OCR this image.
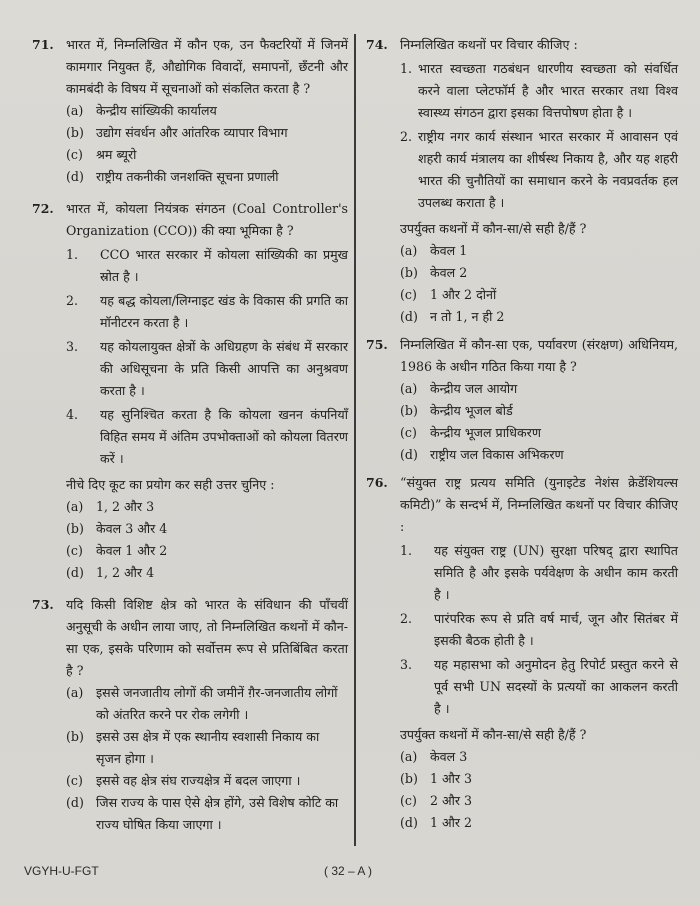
71. भारत में, निम्नलिखित में कौन एक, उन फैक्टरियों में जिनमें कामगार नियुक्त हैं, औद्योगिक विवादों, समापनों, छँटनी और कामबंदी के विषय में सूचनाओं को संकलित करता है ?
(a) केन्द्रीय सांख्यिकी कार्यालय
(b) उद्योग संवर्धन और आंतरिक व्यापार विभाग
(c) श्रम ब्यूरो
(d) राष्ट्रीय तकनीकी जनशक्ति सूचना प्रणाली
72. भारत में, कोयला नियंत्रक संगठन (Coal Controller's Organization (CCO)) की क्या भूमिका है ?
1. CCO भारत सरकार में कोयला सांख्यिकी का प्रमुख स्रोत है ।
2. यह बद्ध कोयला/लिग्नाइट खंड के विकास की प्रगति का मॉनीटरन करता है ।
3. यह कोयलायुक्त क्षेत्रों के अधिग्रहण के संबंध में सरकार की अधिसूचना के प्रति किसी आपत्ति का अनुश्रवण करता है ।
4. यह सुनिश्चित करता है कि कोयला खनन कंपनियाँ विहित समय में अंतिम उपभोक्ताओं को कोयला वितरण करें ।
नीचे दिए कूट का प्रयोग कर सही उत्तर चुनिए :
(a) 1, 2 और 3
(b) केवल 3 और 4
(c) केवल 1 और 2
(d) 1, 2 और 4
73. यदि किसी विशिष्ट क्षेत्र को भारत के संविधान की पाँचवीं अनुसूची के अधीन लाया जाए, तो निम्नलिखित कथनों में कौन-सा एक, इसके परिणाम को सर्वोत्तम रूप से प्रतिबिंबित करता है ?
(a) इससे जनजातीय लोगों की जमीनें ग़ैर-जनजातीय लोगों को अंतरित करने पर रोक लगेगी ।
(b) इससे उस क्षेत्र में एक स्थानीय स्वशासी निकाय का सृजन होगा ।
(c) इससे वह क्षेत्र संघ राज्यक्षेत्र में बदल जाएगा ।
(d) जिस राज्य के पास ऐसे क्षेत्र होंगे, उसे विशेष कोटि का राज्य घोषित किया जाएगा ।
74. निम्नलिखित कथनों पर विचार कीजिए :
1. भारत स्वच्छता गठबंधन धारणीय स्वच्छता को संवर्धित करने वाला प्लेटफॉर्म है और भारत सरकार तथा विश्व स्वास्थ्य संगठन द्वारा इसका वित्तपोषण होता है ।
2. राष्ट्रीय नगर कार्य संस्थान भारत सरकार में आवासन एवं शहरी कार्य मंत्रालय का शीर्षस्थ निकाय है, और यह शहरी भारत की चुनौतियों का समाधान करने के नवप्रवर्तक हल उपलब्ध कराता है ।
उपर्युक्त कथनों में कौन-सा/से सही है/हैं ?
(a) केवल 1
(b) केवल 2
(c) 1 और 2 दोनों
(d) न तो 1, न ही 2
75. निम्नलिखित में कौन-सा एक, पर्यावरण (संरक्षण) अधिनियम, 1986 के अधीन गठित किया गया है ?
(a) केन्द्रीय जल आयोग
(b) केन्द्रीय भूजल बोर्ड
(c) केन्द्रीय भूजल प्राधिकरण
(d) राष्ट्रीय जल विकास अभिकरण
76. “संयुक्त राष्ट्र प्रत्यय समिति (युनाइटेड नेशंस क्रेडेंशियल्स कमिटी)” के सन्दर्भ में, निम्नलिखित कथनों पर विचार कीजिए :
1. यह संयुक्त राष्ट्र (UN) सुरक्षा परिषद् द्वारा स्थापित समिति है और इसके पर्यवेक्षण के अधीन काम करती है ।
2. पारंपरिक रूप से प्रति वर्ष मार्च, जून और सितंबर में इसकी बैठक होती है ।
3. यह महासभा को अनुमोदन हेतु रिपोर्ट प्रस्तुत करने से पूर्व सभी UN सदस्यों के प्रत्ययों का आकलन करती है ।
उपर्युक्त कथनों में कौन-सा/से सही है/हैं ?
(a) केवल 3
(b) 1 और 3
(c) 2 और 3
(d) 1 और 2
VGYH-U-FGT	( 32 – A )
